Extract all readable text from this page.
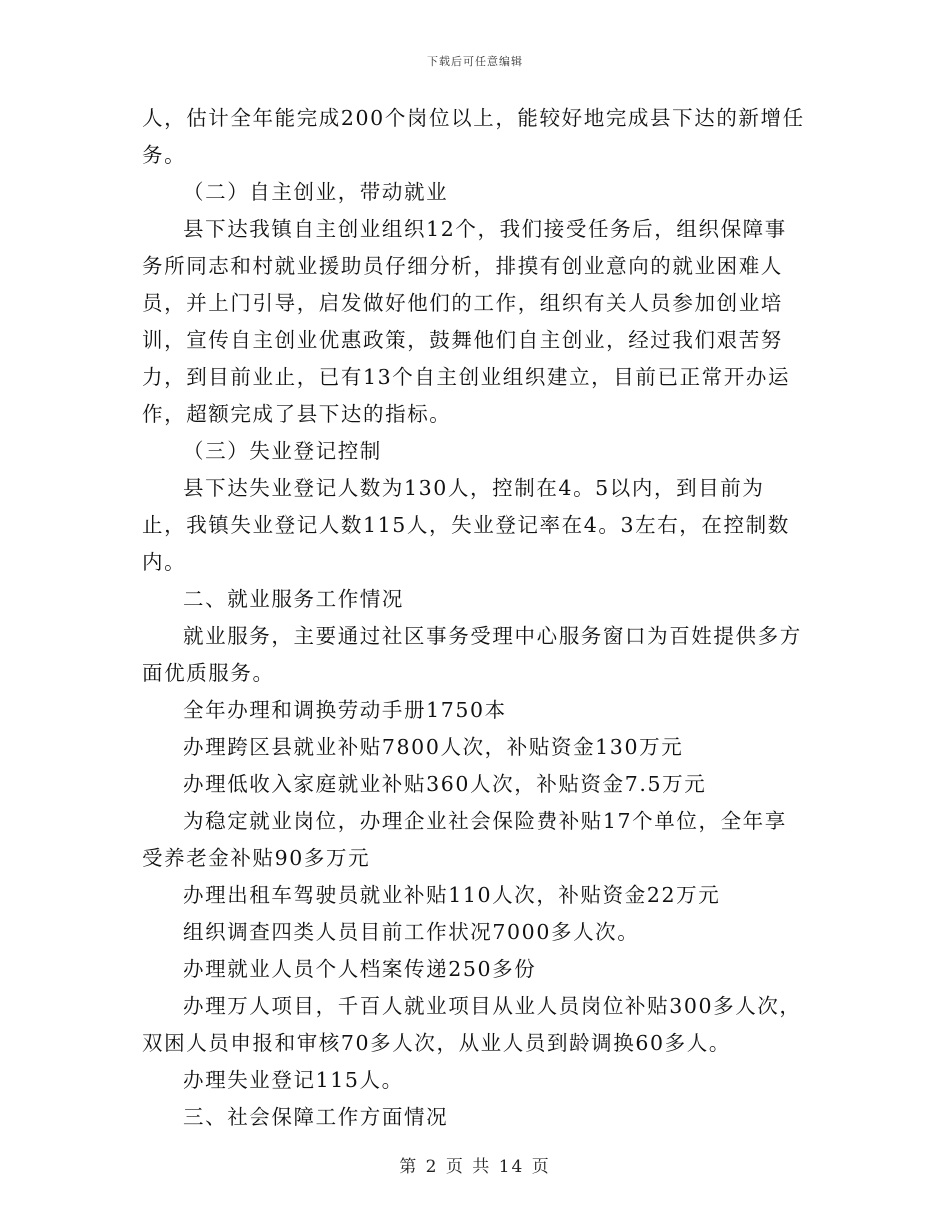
下载后可任意编辑

人，估计全年能完成200个岗位以上，能较好地完成县下达的新增任务。

（二）自主创业，带动就业

县下达我镇自主创业组织12个，我们接受任务后，组织保障事务所同志和村就业援助员仔细分析，排摸有创业意向的就业困难人员，并上门引导，启发做好他们的工作，组织有关人员参加创业培训，宣传自主创业优惠政策，鼓舞他们自主创业，经过我们艰苦努力，到目前业止，已有13个自主创业组织建立，目前已正常开办运作，超额完成了县下达的指标。

（三）失业登记控制

县下达失业登记人数为130人，控制在4。5以内，到目前为止，我镇失业登记人数115人，失业登记率在4。3左右，在控制数内。

二、就业服务工作情况

就业服务，主要通过社区事务受理中心服务窗口为百姓提供多方面优质服务。

全年办理和调换劳动手册1750本

办理跨区县就业补贴7800人次，补贴资金130万元

办理低收入家庭就业补贴360人次，补贴资金7.5万元

为稳定就业岗位，办理企业社会保险费补贴17个单位，全年享受养老金补贴90多万元

办理出租车驾驶员就业补贴110人次，补贴资金22万元

组织调查四类人员目前工作状况7000多人次。

办理就业人员个人档案传递250多份

办理万人项目，千百人就业项目从业人员岗位补贴300多人次，双困人员申报和审核70多人次，从业人员到龄调换60多人。

办理失业登记115人。

三、社会保障工作方面情况

第 2 页 共 14 页
